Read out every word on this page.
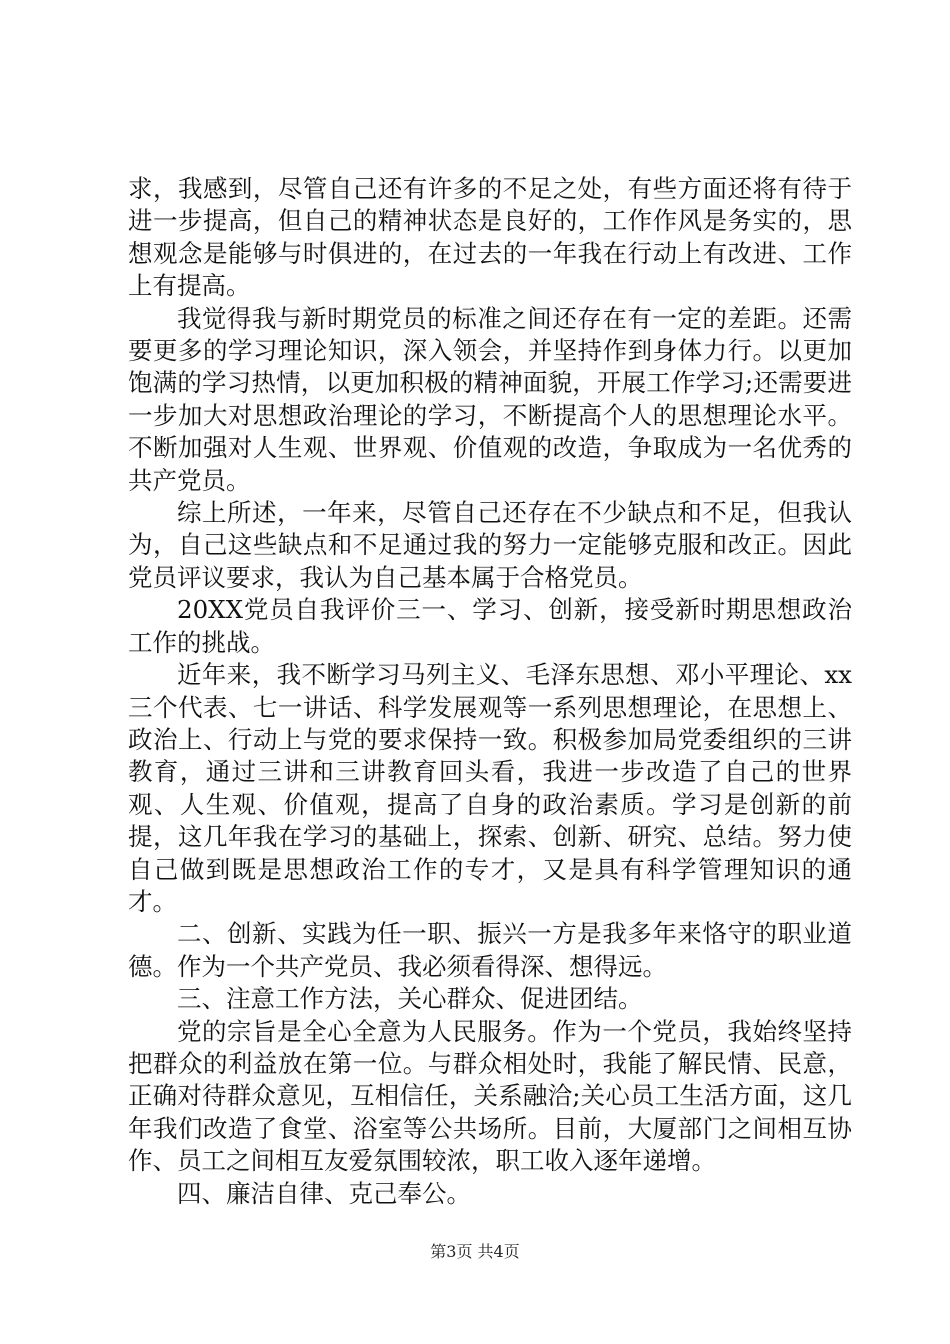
求，我感到，尽管自己还有许多的不足之处，有些方面还将有待于进一步提高，但自己的精神状态是良好的，工作作风是务实的，思想观念是能够与时俱进的，在过去的一年我在行动上有改进、工作上有提高。

我觉得我与新时期党员的标准之间还存在有一定的差距。还需要更多的学习理论知识，深入领会，并坚持作到身体力行。以更加饱满的学习热情，以更加积极的精神面貌，开展工作学习;还需要进一步加大对思想政治理论的学习，不断提高个人的思想理论水平。不断加强对人生观、世界观、价值观的改造，争取成为一名优秀的共产党员。

综上所述，一年来，尽管自己还存在不少缺点和不足，但我认为，自己这些缺点和不足通过我的努力一定能够克服和改正。因此党员评议要求，我认为自己基本属于合格党员。

20XX党员自我评价三一、学习、创新，接受新时期思想政治工作的挑战。

近年来，我不断学习马列主义、毛泽东思想、邓小平理论、xx三个代表、七一讲话、科学发展观等一系列思想理论，在思想上、政治上、行动上与党的要求保持一致。积极参加局党委组织的三讲教育，通过三讲和三讲教育回头看，我进一步改造了自己的世界观、人生观、价值观，提高了自身的政治素质。学习是创新的前提，这几年我在学习的基础上，探索、创新、研究、总结。努力使自己做到既是思想政治工作的专才，又是具有科学管理知识的通才。

二、创新、实践为任一职、振兴一方是我多年来恪守的职业道德。作为一个共产党员、我必须看得深、想得远。

三、注意工作方法，关心群众、促进团结。

党的宗旨是全心全意为人民服务。作为一个党员，我始终坚持把群众的利益放在第一位。与群众相处时，我能了解民情、民意，正确对待群众意见，互相信任，关系融洽;关心员工生活方面，这几年我们改造了食堂、浴室等公共场所。目前，大厦部门之间相互协作、员工之间相互友爱氛围较浓，职工收入逐年递增。

四、廉洁自律、克己奉公。

第3页 共4页
